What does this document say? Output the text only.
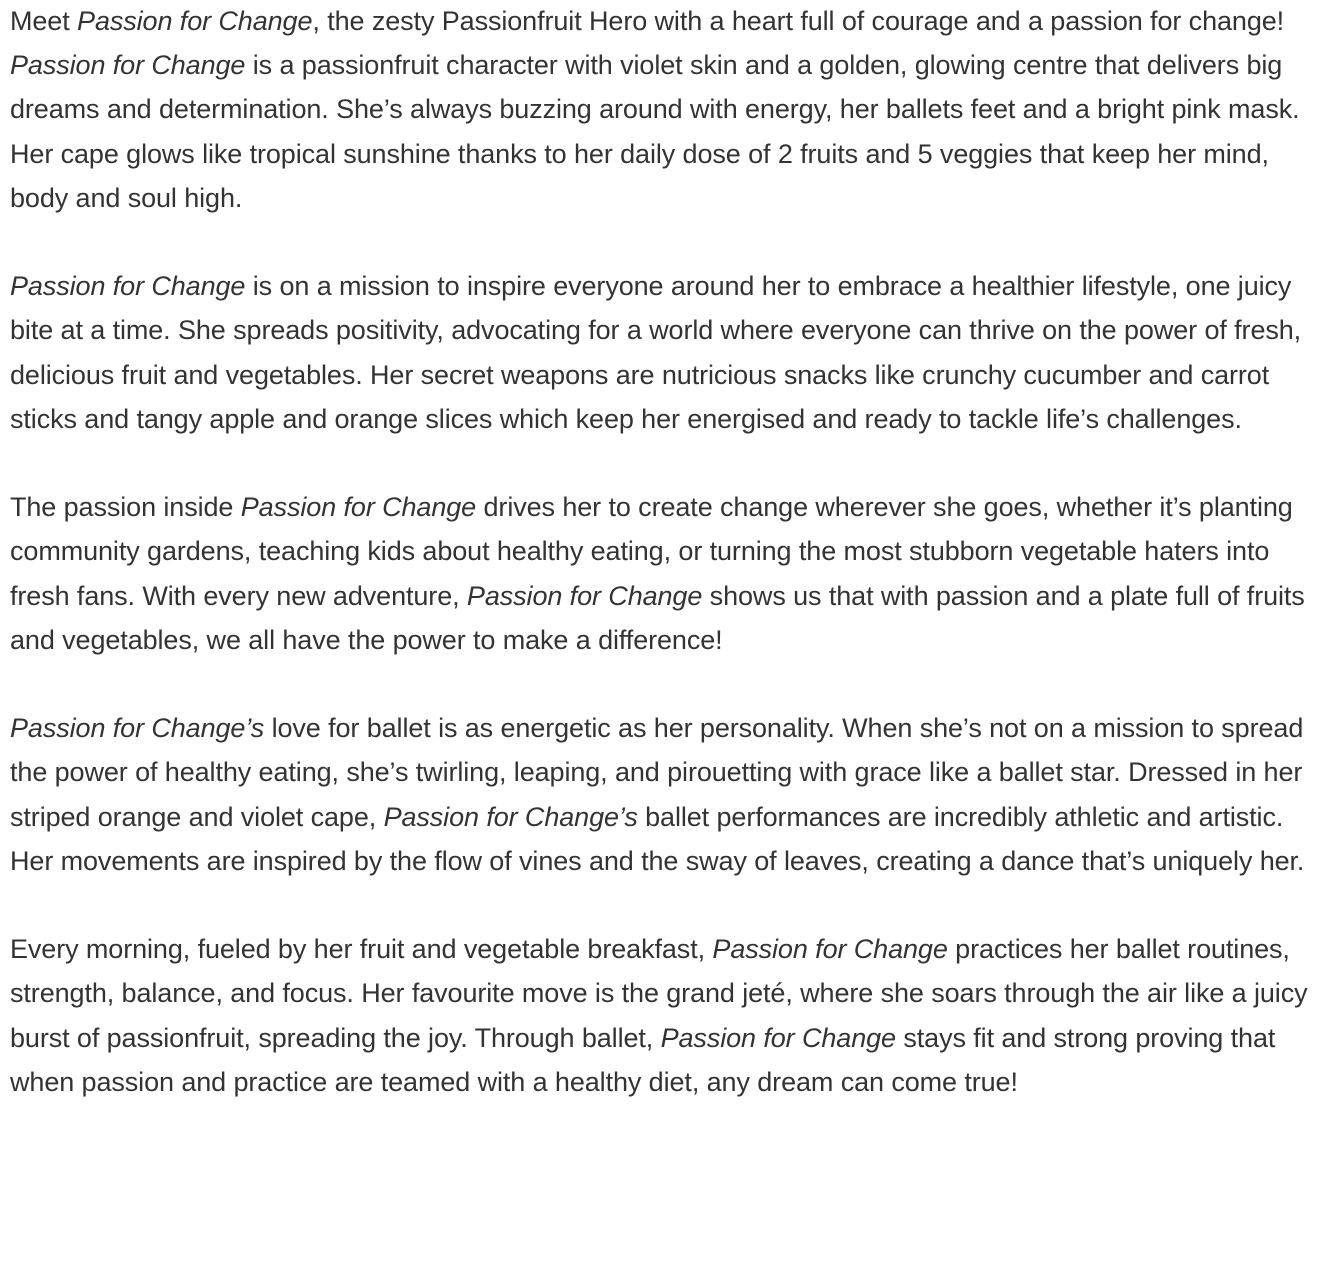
Meet Passion for Change, the zesty Passionfruit Hero with a heart full of courage and a passion for change! Passion for Change is a passionfruit character with violet skin and a golden, glowing centre that delivers big dreams and determination. She’s always buzzing around with energy, her ballets feet and a bright pink mask. Her cape glows like tropical sunshine thanks to her daily dose of 2 fruits and 5 veggies that keep her mind, body and soul high.

Passion for Change is on a mission to inspire everyone around her to embrace a healthier lifestyle, one juicy bite at a time. She spreads positivity, advocating for a world where everyone can thrive on the power of fresh, delicious fruit and vegetables. Her secret weapons are nutricious snacks like crunchy cucumber and carrot sticks and tangy apple and orange slices which keep her energised and ready to tackle life’s challenges.

The passion inside Passion for Change drives her to create change wherever she goes, whether it’s planting community gardens, teaching kids about healthy eating, or turning the most stubborn vegetable haters into fresh fans. With every new adventure, Passion for Change shows us that with passion and a plate full of fruits and vegetables, we all have the power to make a difference!

Passion for Change’s love for ballet is as energetic as her personality. When she’s not on a mission to spread the power of healthy eating, she’s twirling, leaping, and pirouetting with grace like a ballet star. Dressed in her striped orange and violet cape, Passion for Change’s ballet performances are incredibly athletic and artistic. Her movements are inspired by the flow of vines and the sway of leaves, creating a dance that’s uniquely her.

Every morning, fueled by her fruit and vegetable breakfast, Passion for Change practices her ballet routines, strength, balance, and focus. Her favourite move is the grand jeté, where she soars through the air like a juicy burst of passionfruit, spreading the joy. Through ballet, Passion for Change stays fit and strong proving that when passion and practice are teamed with a healthy diet, any dream can come true!
